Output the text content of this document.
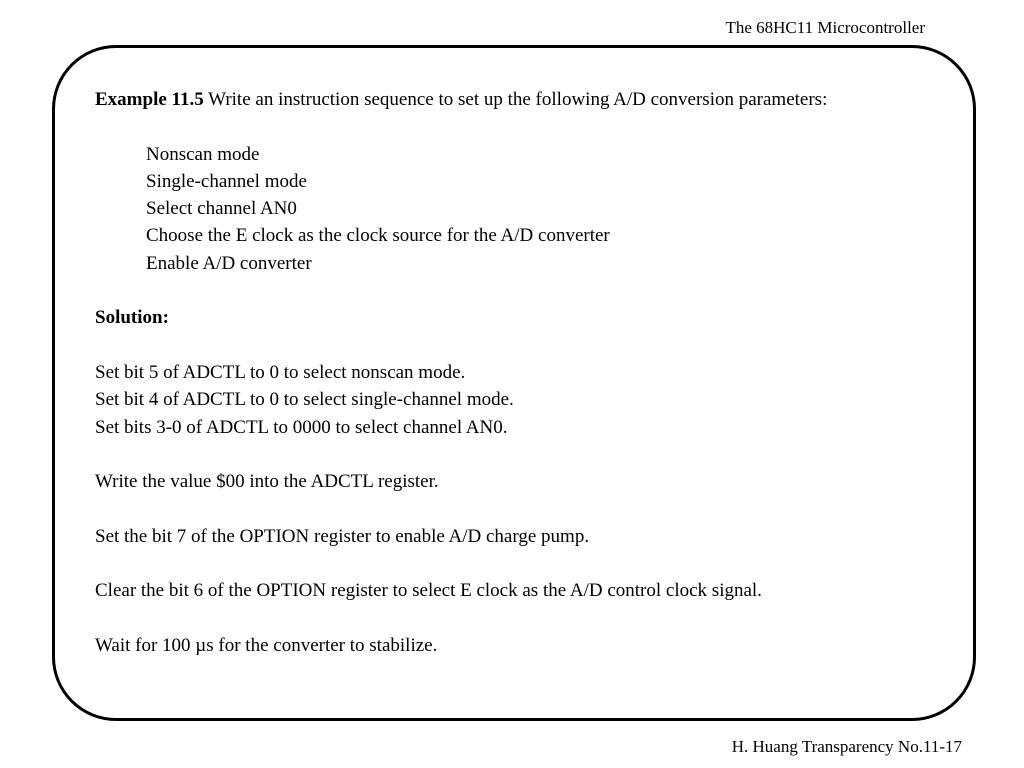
The 68HC11 Microcontroller
Example 11.5 Write an instruction sequence to set up the following A/D conversion parameters:
Nonscan mode
Single-channel mode
Select channel AN0
Choose the E clock as the clock source for the A/D converter
Enable A/D converter
Solution:
Set bit 5 of ADCTL to 0 to select nonscan mode.
Set bit 4 of ADCTL to 0 to select single-channel mode.
Set bits 3-0 of ADCTL to 0000 to select channel AN0.
Write the value $00 into the ADCTL register.
Set the bit 7 of the OPTION register to enable A/D charge pump.
Clear the bit 6 of the OPTION register to select E clock as the A/D control clock signal.
Wait for 100 µs for the converter to stabilize.
H. Huang Transparency No.11-17
